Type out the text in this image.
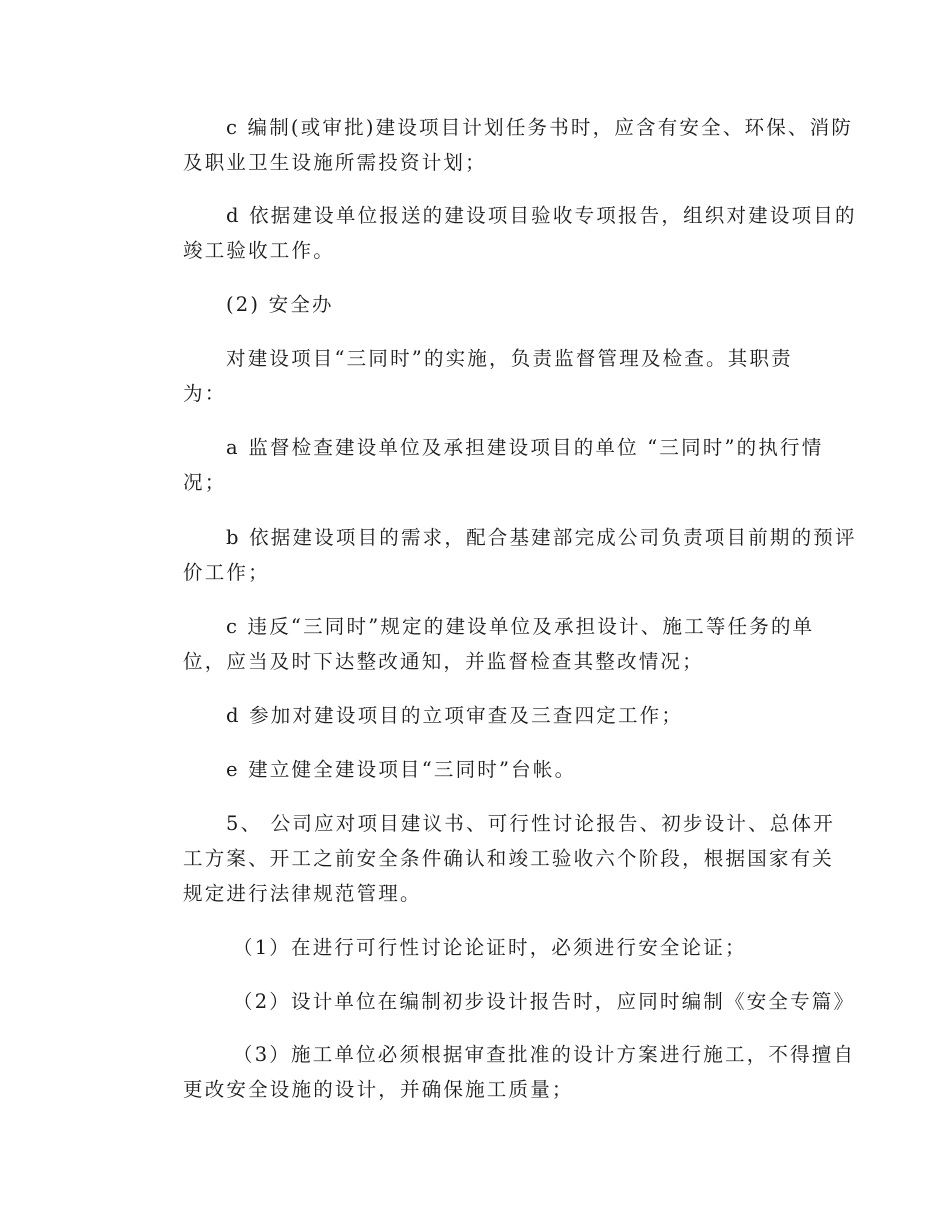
c 编制(或审批)建设项目计划任务书时，应含有安全、环保、消防
及职业卫生设施所需投资计划；

d 依据建设单位报送的建设项目验收专项报告，组织对建设项目的
竣工验收工作。

(2) 安全办

对建设项目“三同时”的实施，负责监督管理及检查。其职责
为：

a 监督检查建设单位及承担建设项目的单位 “三同时”的执行情
况；

b 依据建设项目的需求，配合基建部完成公司负责项目前期的预评
价工作；

c 违反“三同时”规定的建设单位及承担设计、施工等任务的单
位，应当及时下达整改通知，并监督检查其整改情况；

d 参加对建设项目的立项审查及三查四定工作；

e 建立健全建设项目“三同时”台帐。

5、 公司应对项目建议书、可行性讨论报告、初步设计、总体开
工方案、开工之前安全条件确认和竣工验收六个阶段，根据国家有关
规定进行法律规范管理。

（1）在进行可行性讨论论证时，必须进行安全论证；

（2）设计单位在编制初步设计报告时，应同时编制《安全专篇》

（3）施工单位必须根据审查批准的设计方案进行施工，不得擅自
更改安全设施的设计，并确保施工质量；
